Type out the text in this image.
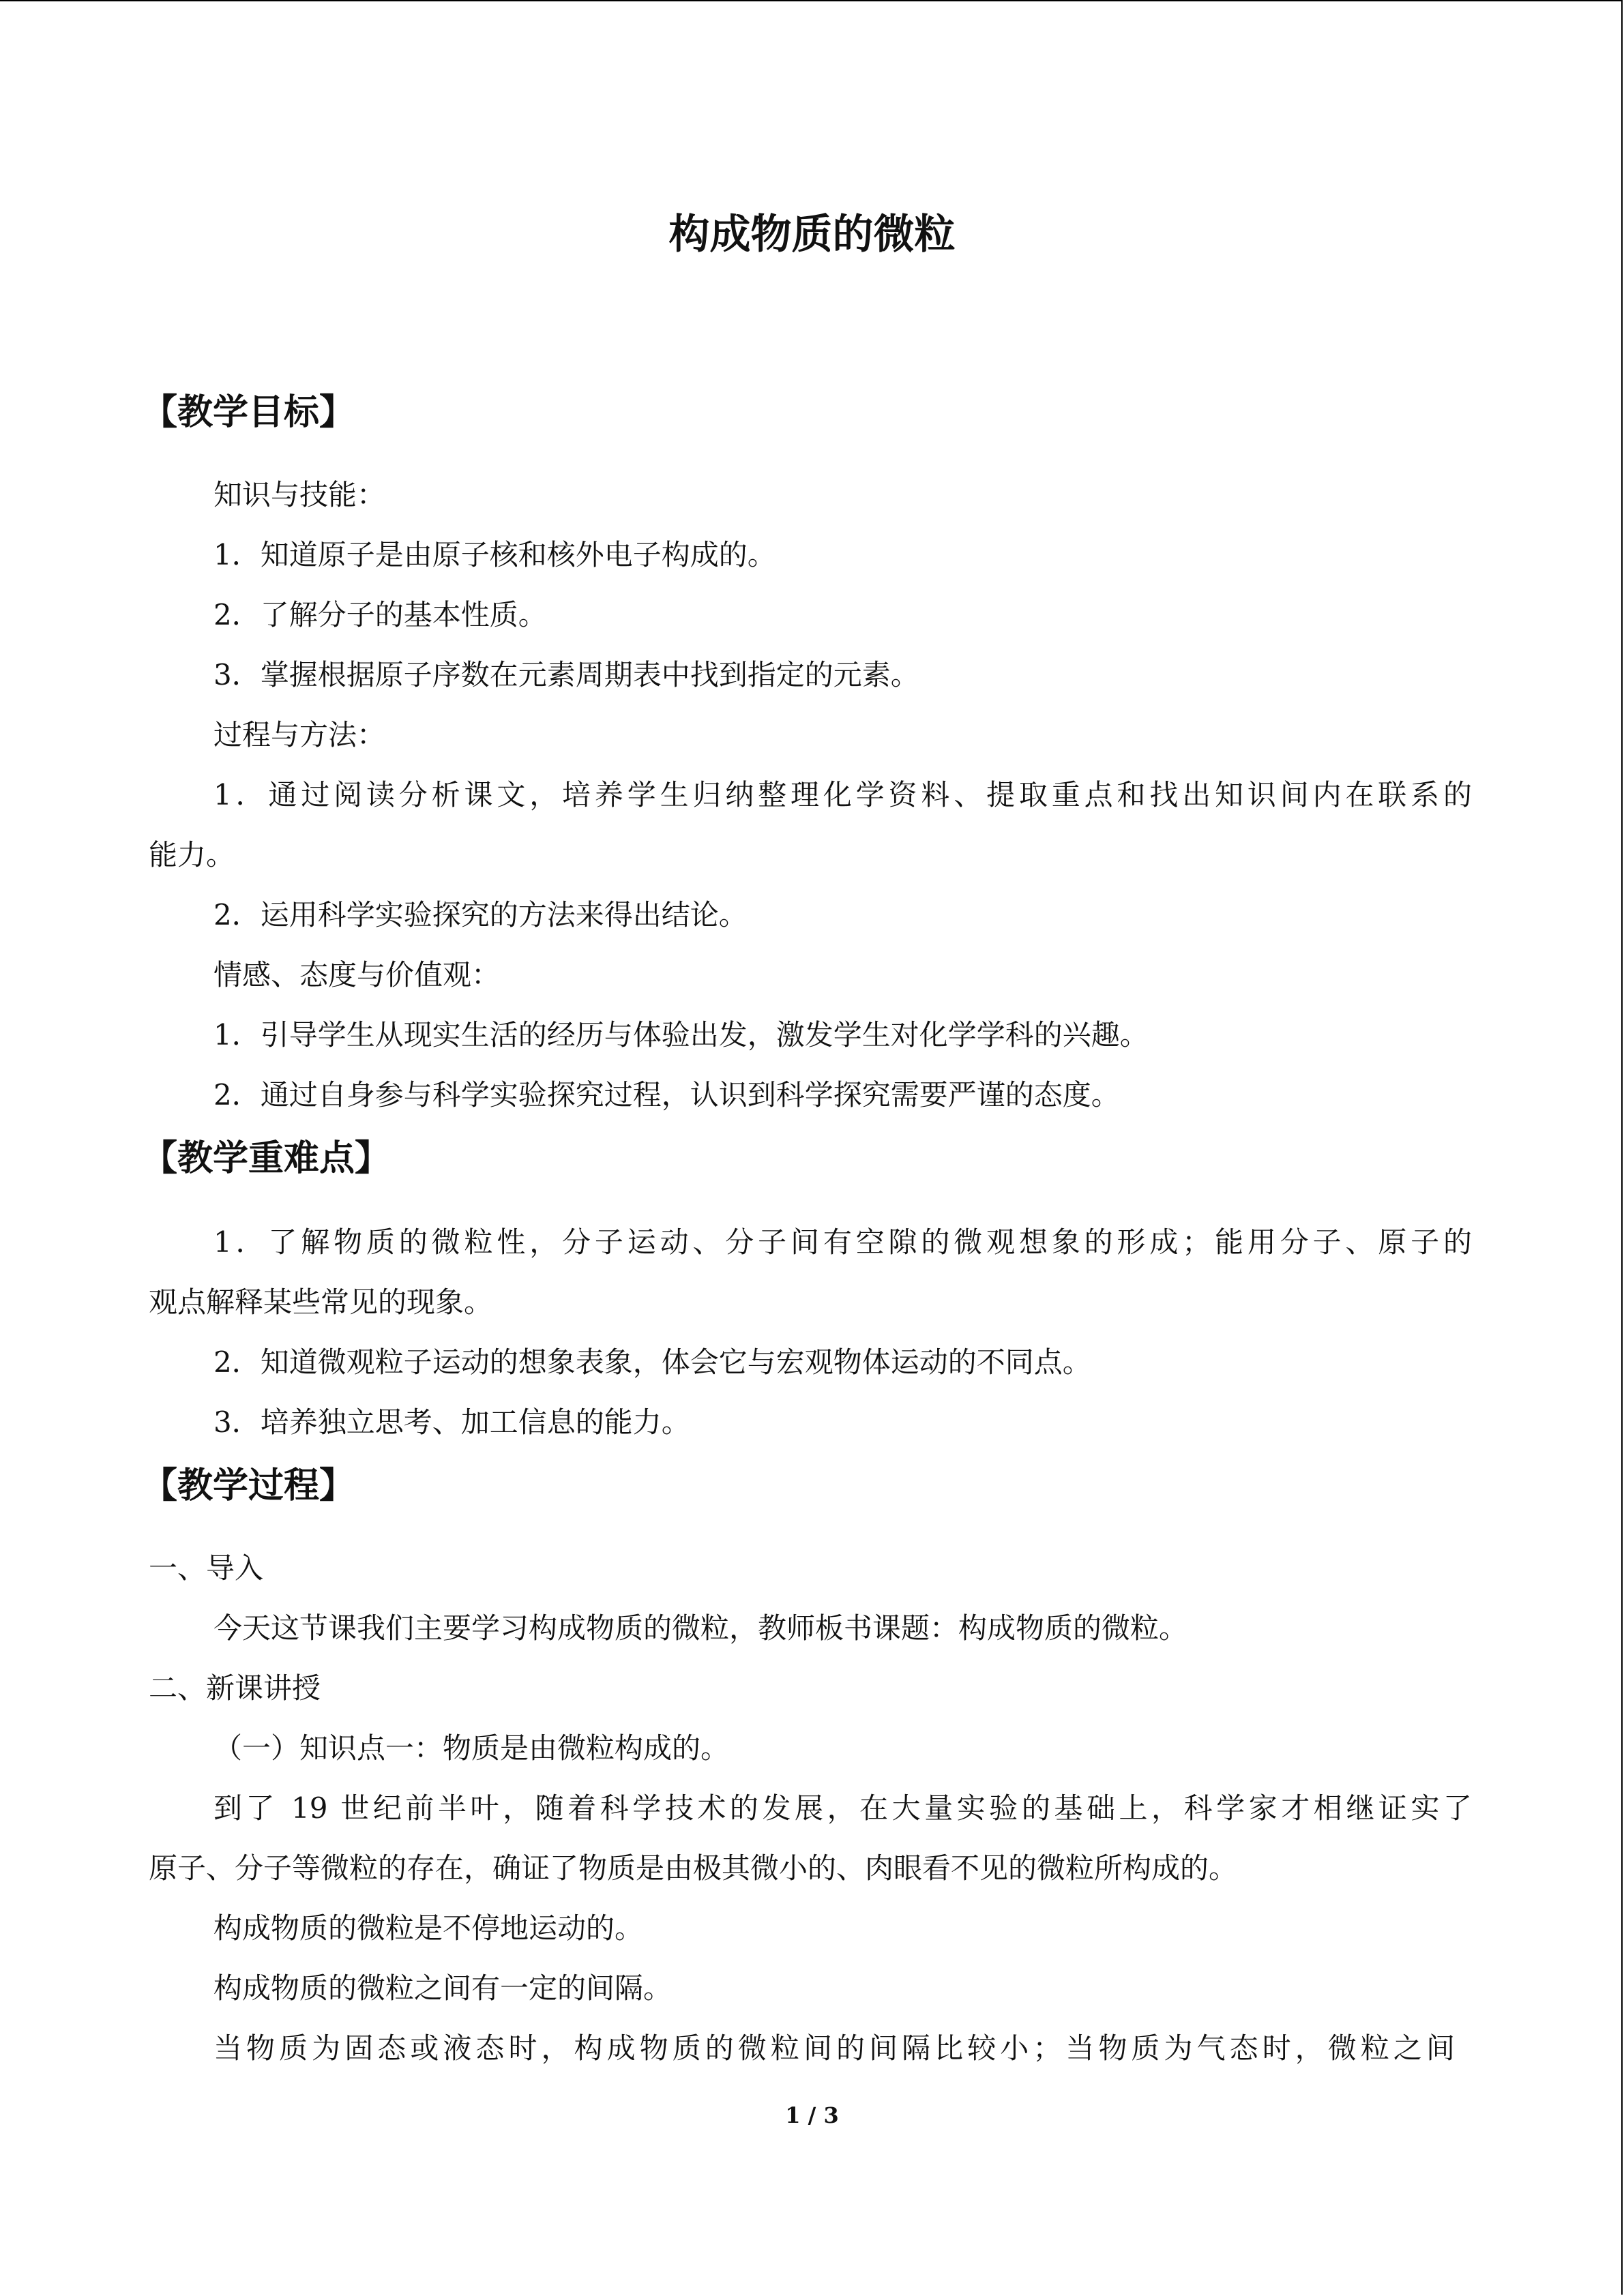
构成物质的微粒
【教学目标】
知识与技能：
1．知道原子是由原子核和核外电子构成的。
2．了解分子的基本性质。
3．掌握根据原子序数在元素周期表中找到指定的元素。
过程与方法：
1．通过阅读分析课文，培养学生归纳整理化学资料、提取重点和找出知识间内在联系的
能力。
2．运用科学实验探究的方法来得出结论。
情感、态度与价值观：
1．引导学生从现实生活的经历与体验出发，激发学生对化学学科的兴趣。
2．通过自身参与科学实验探究过程，认识到科学探究需要严谨的态度。
【教学重难点】
1．了解物质的微粒性，分子运动、分子间有空隙的微观想象的形成；能用分子、原子的
观点解释某些常见的现象。
2．知道微观粒子运动的想象表象，体会它与宏观物体运动的不同点。
3．培养独立思考、加工信息的能力。
【教学过程】
一、导入
今天这节课我们主要学习构成物质的微粒，教师板书课题：构成物质的微粒。
二、新课讲授
（一）知识点一：物质是由微粒构成的。
到了 19 世纪前半叶，随着科学技术的发展，在大量实验的基础上，科学家才相继证实了
原子、分子等微粒的存在，确证了物质是由极其微小的、肉眼看不见的微粒所构成的。
构成物质的微粒是不停地运动的。
构成物质的微粒之间有一定的间隔。
当物质为固态或液态时，构成物质的微粒间的间隔比较小；当物质为气态时，微粒之间
1 / 3
